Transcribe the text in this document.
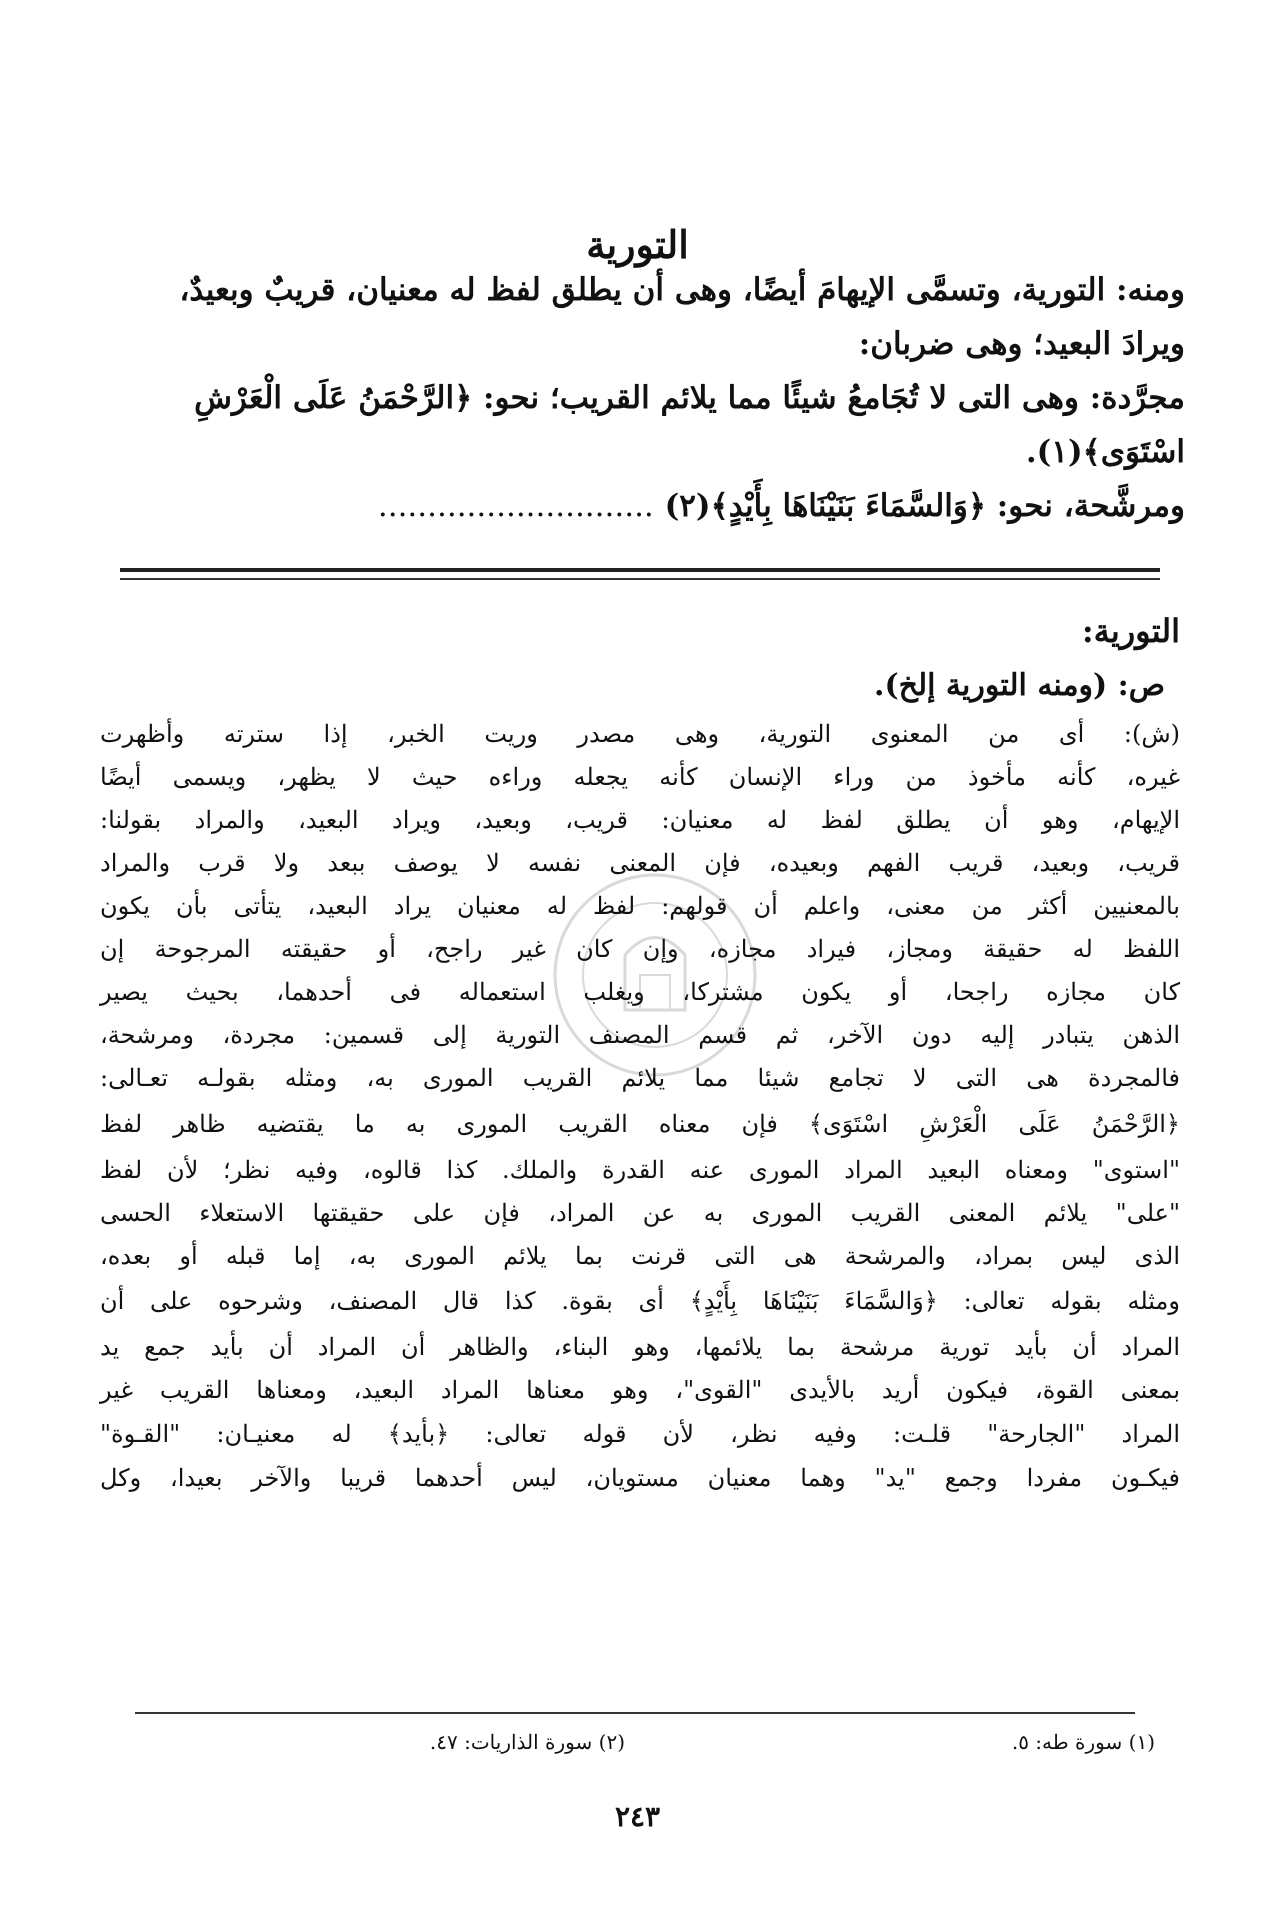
التورية
ومنه: التورية، وتسمَّى الإيهامَ أيضًا، وهى أن يطلق لفظ له معنيان، قريبٌ وبعيدٌ،
ويرادَ البعيد؛ وهى ضربان:
مجرَّدة: وهى التى لا تُجَامعُ شيئًا مما يلائم القريب؛ نحو: ﴿الرَّحْمَنُ عَلَى الْعَرْشِ
اسْتَوَى﴾(١).
ومرشَّحة، نحو: ﴿وَالسَّمَاءَ بَنَيْنَاهَا بِأَيْدٍ﴾(٢) ............................
التورية:
ص: (ومنه التورية إلخ).
(ش): أى من المعنوى التورية، وهى مصدر وريت الخبر، إذا سترته وأظهرت
غيره، كأنه مأخوذ من وراء الإنسان كأنه يجعله وراءه حيث لا يظهر، ويسمى أيضًا
الإيهام، وهو أن يطلق لفظ له معنيان: قريب، وبعيد، ويراد البعيد، والمراد بقولنا:
قريب، وبعيد، قريب الفهم وبعيده، فإن المعنى نفسه لا يوصف ببعد ولا قرب والمراد
بالمعنيين أكثر من معنى، واعلم أن قولهم: لفظ له معنيان يراد البعيد، يتأتى بأن يكون
اللفظ له حقيقة ومجاز، فيراد مجازه، وإن كان غير راجح، أو حقيقته المرجوحة إن
كان مجازه راجحا، أو يكون مشتركا، ويغلب استعماله فى أحدهما، بحيث يصير
الذهن يتبادر إليه دون الآخر، ثم قسم المصنف التورية إلى قسمين: مجردة، ومرشحة،
فالمجردة هى التى لا تجامع شيئا مما يلائم القريب المورى به، ومثله بقولـه تعـالى:
﴿الرَّحْمَنُ عَلَى الْعَرْشِ اسْتَوَى﴾ فإن معناه القريب المورى به ما يقتضيه ظاهر لفظ
"استوى" ومعناه البعيد المراد المورى عنه القدرة والملك. كذا قالوه، وفيه نظر؛ لأن لفظ
"على" يلائم المعنى القريب المورى به عن المراد، فإن على حقيقتها الاستعلاء الحسى
الذى ليس بمراد، والمرشحة هى التى قرنت بما يلائم المورى به، إما قبله أو بعده،
ومثله بقوله تعالى: ﴿وَالسَّمَاءَ بَنَيْنَاهَا بِأَيْدٍ﴾ أى بقوة. كذا قال المصنف، وشرحوه على أن
المراد أن بأيد تورية مرشحة بما يلائمها، وهو البناء، والظاهر أن المراد أن بأيد جمع يد
بمعنى القوة، فيكون أريد بالأيدى "القوى"، وهو معناها المراد البعيد، ومعناها القريب غير
المراد "الجارحة" قلـت: وفيه نظر، لأن قوله تعالى: ﴿بأيد﴾ له معنيـان: "القـوة"
فيكـون مفردا وجمع "يد" وهما معنيان مستويان، ليس أحدهما قريبا والآخر بعيدا، وكل
(١) سورة طه: ٥.
(٢) سورة الذاريات: ٤٧.
٢٤٣
